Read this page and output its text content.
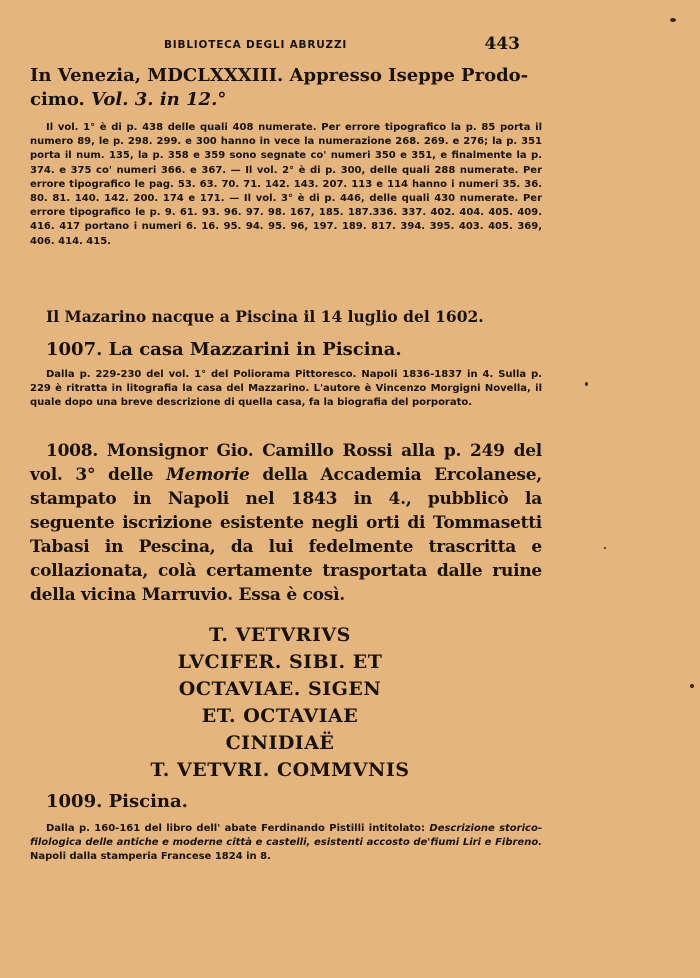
BIBLIOTECA DEGLI ABRUZZI	443
In Venezia, MDCLXXXIII. Appresso Iseppe Prodo-
cimo. Vol. 3. in 12.°
Il vol. 1° è di p. 438 delle quali 408 numerate. Per errore tipografico la p. 85 porta il numero 89, le p. 298. 299. e 300 hanno in vece la numerazione 268. 269. e 276; la p. 351 porta il num. 135, la p. 358 e 359 sono segnate co' numeri 350 e 351, e finalmente la p. 374. e 375 co' numeri 366. e 367. — Il vol. 2° è di p. 300, delle quali 288 numerate. Per errore tipografico le pag. 53. 63. 70. 71. 142. 143. 207. 113 e 114 hanno i numeri 35. 36. 80. 81. 140. 142. 200. 174 e 171. — Il vol. 3° è di p. 446, delle quali 430 numerate. Per errore tipografico le p. 9. 61. 93. 96. 97. 98. 167, 185. 187.336. 337. 402. 404. 405. 409. 416. 417 portano i numeri 6. 16. 95. 94. 95. 96, 197. 189. 817. 394. 395. 403. 405. 369, 406. 414. 415.
Il Mazarino nacque a Piscina il 14 luglio del 1602.
1007. La casa Mazzarini in Piscina.
Dalla p. 229-230 del vol. 1° del Poliorama Pittoresco. Napoli 1836-1837 in 4. Sulla p. 229 è ritratta in litografia la casa del Mazzarino. L'autore è Vincenzo Morgigni Novella, il quale dopo una breve descrizione di quella casa, fa la biografia del porporato.
1008. Monsignor Gio. Camillo Rossi alla p. 249 del vol. 3° delle Memorie della Accademia Ercolanese, stampato in Napoli nel 1843 in 4., pubblicò la seguente iscrizione esistente negli orti di Tommasetti Tabasi in Pescina, da lui fedelmente trascritta e collazionata, colà certamente trasportata dalle ruine della vicina Marruvio. Essa è così.
T. VETVRIVS
LVCIFER. SIBI. ET
OCTAVIAE. SIGEN
ET. OCTAVIAE
CINIDIAË
T. VETVRI. COMMVNIS
1009. Piscina.
Dalla p. 160-161 del libro dell' abate Ferdinando Pistilli intitolato: Descrizione storico-filologica delle antiche e moderne città e castelli, esistenti accosto de'fiumi Liri e Fibreno. Napoli dalla stamperia Francese 1824 in 8.
